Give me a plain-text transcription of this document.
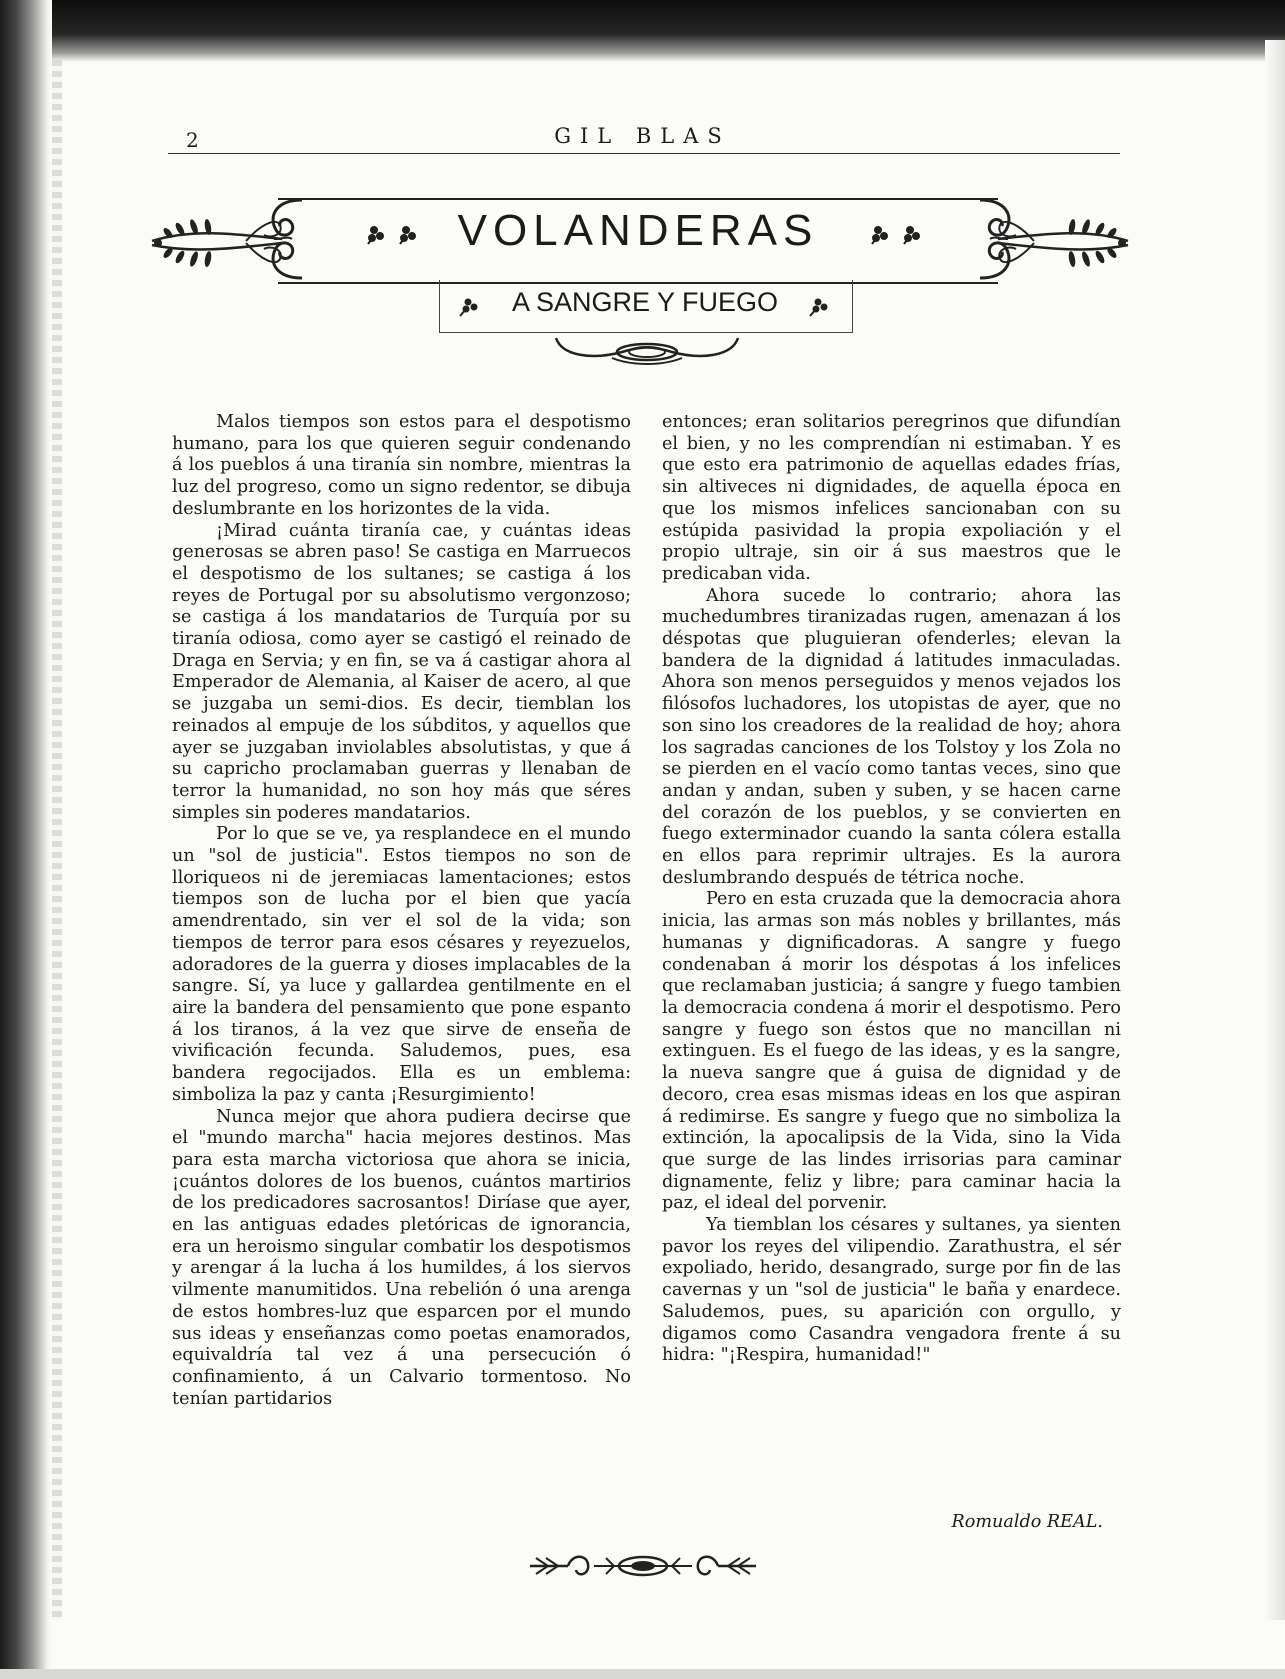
2	GIL BLAS
VOLANDERAS
A SANGRE Y FUEGO

Malos tiempos son estos para el despotismo humano, para los que quieren seguir condenando á los pueblos á una tiranía sin nombre, mientras la luz del progreso, como un signo redentor, se dibuja deslumbrante en los horizontes de la vida.

¡Mirad cuánta tiranía cae, y cuántas ideas generosas se abren paso! Se castiga en Marruecos el despotismo de los sultanes; se castiga á los reyes de Portugal por su absolutismo vergonzoso; se castiga á los mandatarios de Turquía por su tiranía odiosa, como ayer se castigó el reinado de Draga en Servia; y en fin, se va á castigar ahora al Emperador de Alemania, al Kaiser de acero, al que se juzgaba un semi-dios. Es decir, tiemblan los reinados al empuje de los súbditos, y aquellos que ayer se juzgaban inviolables absolutistas, y que á su capricho proclamaban guerras y llenaban de terror la humanidad, no son hoy más que séres simples sin poderes mandatarios.

Por lo que se ve, ya resplandece en el mundo un "sol de justicia". Estos tiempos no son de lloriqueos ni de jeremiacas lamentaciones; estos tiempos son de lucha por el bien que yacía amendrentado, sin ver el sol de la vida; son tiempos de terror para esos césares y reyezuelos, adoradores de la guerra y dioses implacables de la sangre. Sí, ya luce y gallardea gentilmente en el aire la bandera del pensamiento que pone espanto á los tiranos, á la vez que sirve de enseña de vivificación fecunda. Saludemos, pues, esa bandera regocijados. Ella es un emblema: simboliza la paz y canta ¡Resurgimiento!

Nunca mejor que ahora pudiera decirse que el "mundo marcha" hacia mejores destinos. Mas para esta marcha victoriosa que ahora se inicia, ¡cuántos dolores de los buenos, cuántos martirios de los predicadores sacrosantos! Diríase que ayer, en las antiguas edades pletóricas de ignorancia, era un heroismo singular combatir los despotismos y arengar á la lucha á los humildes, á los siervos vilmente manumitidos. Una rebelión ó una arenga de estos hombres-luz que esparcen por el mundo sus ideas y enseñanzas como poetas enamorados, equivaldría tal vez á una persecución ó confinamiento, á un Calvario tormentoso. No tenían partidarios

entonces; eran solitarios peregrinos que difundían el bien, y no les comprendían ni estimaban. Y es que esto era patrimonio de aquellas edades frías, sin altiveces ni dignidades, de aquella época en que los mismos infelices sancionaban con su estúpida pasividad la propia expoliación y el propio ultraje, sin oir á sus maestros que le predicaban vida.

Ahora sucede lo contrario; ahora las muchedumbres tiranizadas rugen, amenazan á los déspotas que pluguieran ofenderles; elevan la bandera de la dignidad á latitudes inmaculadas. Ahora son menos perseguidos y menos vejados los filósofos luchadores, los utopistas de ayer, que no son sino los creadores de la realidad de hoy; ahora los sagradas canciones de los Tolstoy y los Zola no se pierden en el vacío como tantas veces, sino que andan y andan, suben y suben, y se hacen carne del corazón de los pueblos, y se convierten en fuego exterminador cuando la santa cólera estalla en ellos para reprimir ultrajes. Es la aurora deslumbrando después de tétrica noche.

Pero en esta cruzada que la democracia ahora inicia, las armas son más nobles y brillantes, más humanas y dignificadoras. A sangre y fuego condenaban á morir los déspotas á los infelices que reclamaban justicia; á sangre y fuego tambien la democracia condena á morir el despotismo. Pero sangre y fuego son éstos que no mancillan ni extinguen. Es el fuego de las ideas, y es la sangre, la nueva sangre que á guisa de dignidad y de decoro, crea esas mismas ideas en los que aspiran á redimirse. Es sangre y fuego que no simboliza la extinción, la apocalipsis de la Vida, sino la Vida que surge de las lindes irrisorias para caminar dignamente, feliz y libre; para caminar hacia la paz, el ideal del porvenir.

Ya tiemblan los césares y sultanes, ya sienten pavor los reyes del vilipendio. Zarathustra, el sér expoliado, herido, desangrado, surge por fin de las cavernas y un "sol de justicia" le baña y enardece. Saludemos, pues, su aparición con orgullo, y digamos como Casandra vengadora frente á su hidra: "¡Respira, humanidad!"

Romualdo REAL.
